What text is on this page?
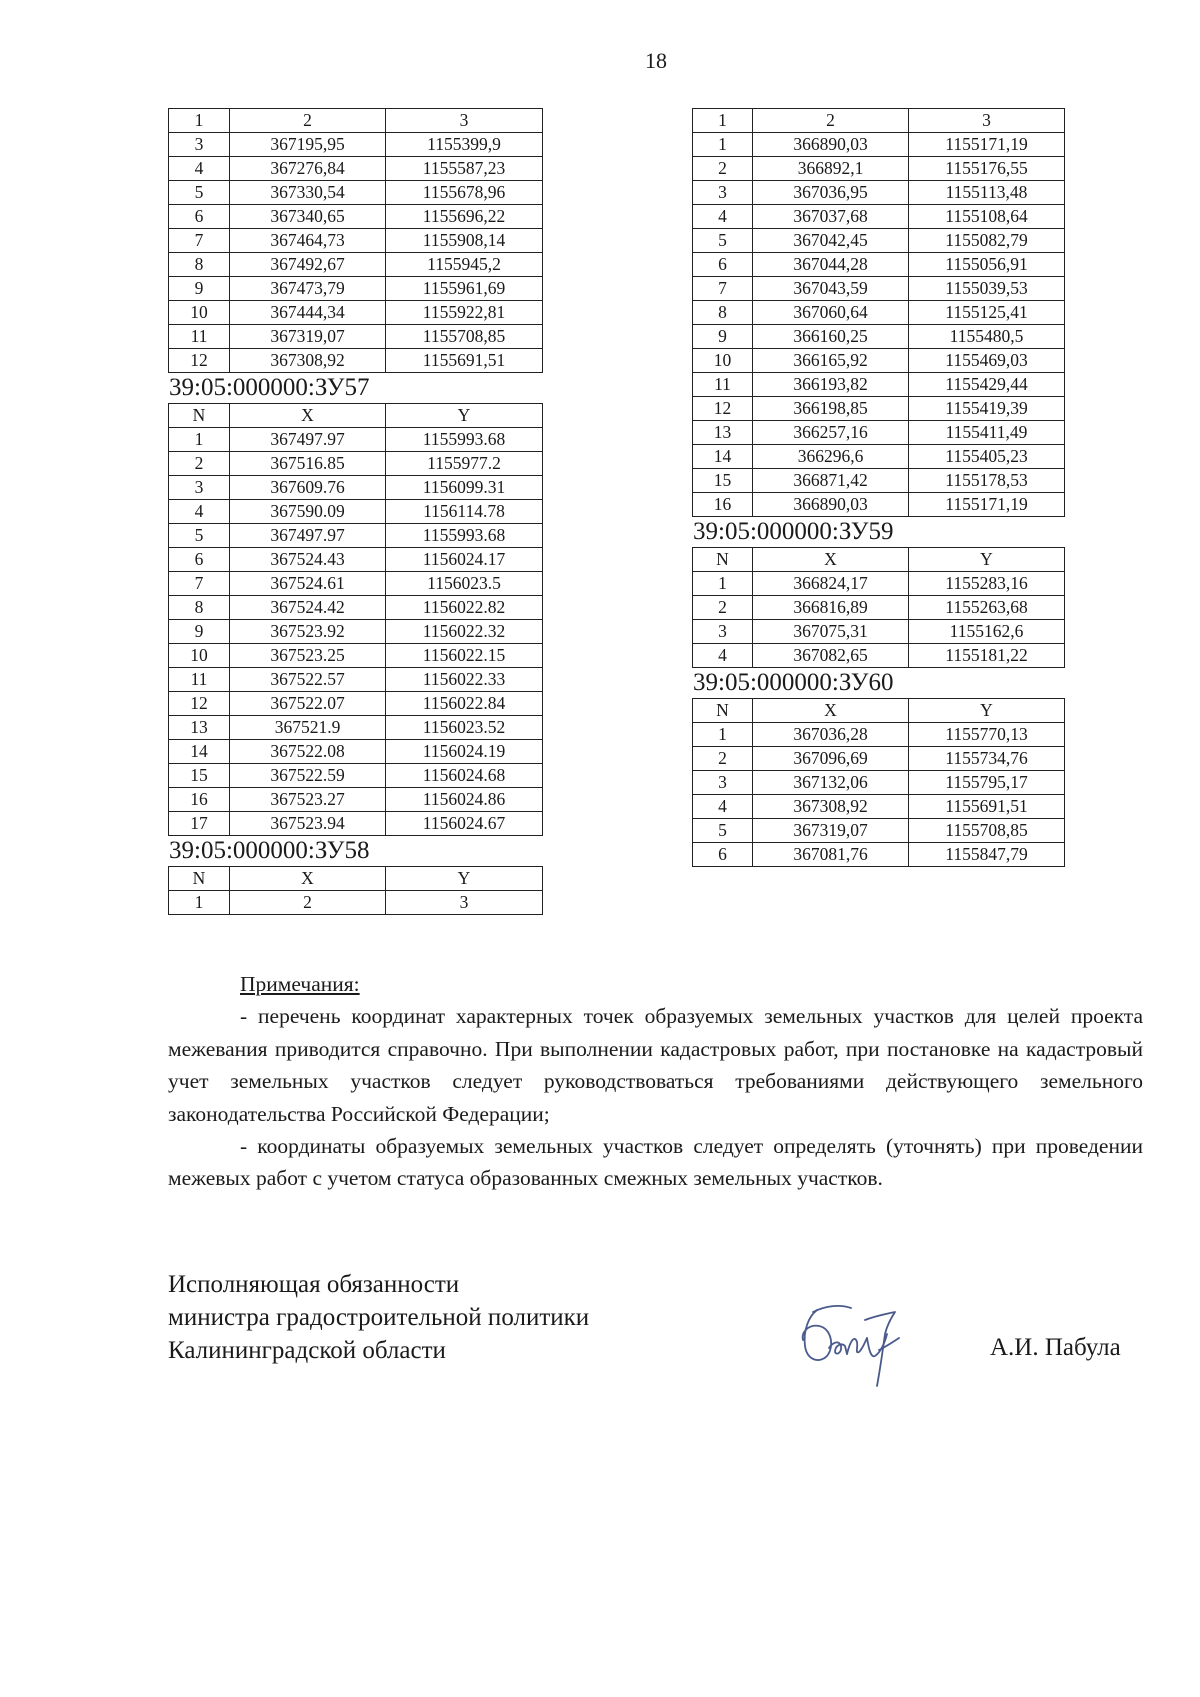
18
1	2	3
3	367195,95	1155399,9
4	367276,84	1155587,23
5	367330,54	1155678,96
6	367340,65	1155696,22
7	367464,73	1155908,14
8	367492,67	1155945,2
9	367473,79	1155961,69
10	367444,34	1155922,81
11	367319,07	1155708,85
12	367308,92	1155691,51
39:05:000000:ЗУ57
N	X	Y
1	367497.97	1155993.68
2	367516.85	1155977.2
3	367609.76	1156099.31
4	367590.09	1156114.78
5	367497.97	1155993.68
6	367524.43	1156024.17
7	367524.61	1156023.5
8	367524.42	1156022.82
9	367523.92	1156022.32
10	367523.25	1156022.15
11	367522.57	1156022.33
12	367522.07	1156022.84
13	367521.9	1156023.52
14	367522.08	1156024.19
15	367522.59	1156024.68
16	367523.27	1156024.86
17	367523.94	1156024.67
39:05:000000:ЗУ58
N	X	Y
1	2	3
1	2	3
1	366890,03	1155171,19
2	366892,1	1155176,55
3	367036,95	1155113,48
4	367037,68	1155108,64
5	367042,45	1155082,79
6	367044,28	1155056,91
7	367043,59	1155039,53
8	367060,64	1155125,41
9	366160,25	1155480,5
10	366165,92	1155469,03
11	366193,82	1155429,44
12	366198,85	1155419,39
13	366257,16	1155411,49
14	366296,6	1155405,23
15	366871,42	1155178,53
16	366890,03	1155171,19
39:05:000000:ЗУ59
N	X	Y
1	366824,17	1155283,16
2	366816,89	1155263,68
3	367075,31	1155162,6
4	367082,65	1155181,22
39:05:000000:ЗУ60
N	X	Y
1	367036,28	1155770,13
2	367096,69	1155734,76
3	367132,06	1155795,17
4	367308,92	1155691,51
5	367319,07	1155708,85
6	367081,76	1155847,79

Примечания:

- перечень координат характерных точек образуемых земельных участков для целей проекта межевания приводится справочно. При выполнении кадастровых работ, при постановке на кадастровый учет земельных участков следует руководствоваться требованиями действующего земельного законодательства Российской Федерации;

- координаты образуемых земельных участков следует определять (уточнять) при проведении межевых работ с учетом статуса образованных смежных земельных участков.

Исполняющая обязанности
министра градостроительной политики
Калининградской области	А.И. Пабула
